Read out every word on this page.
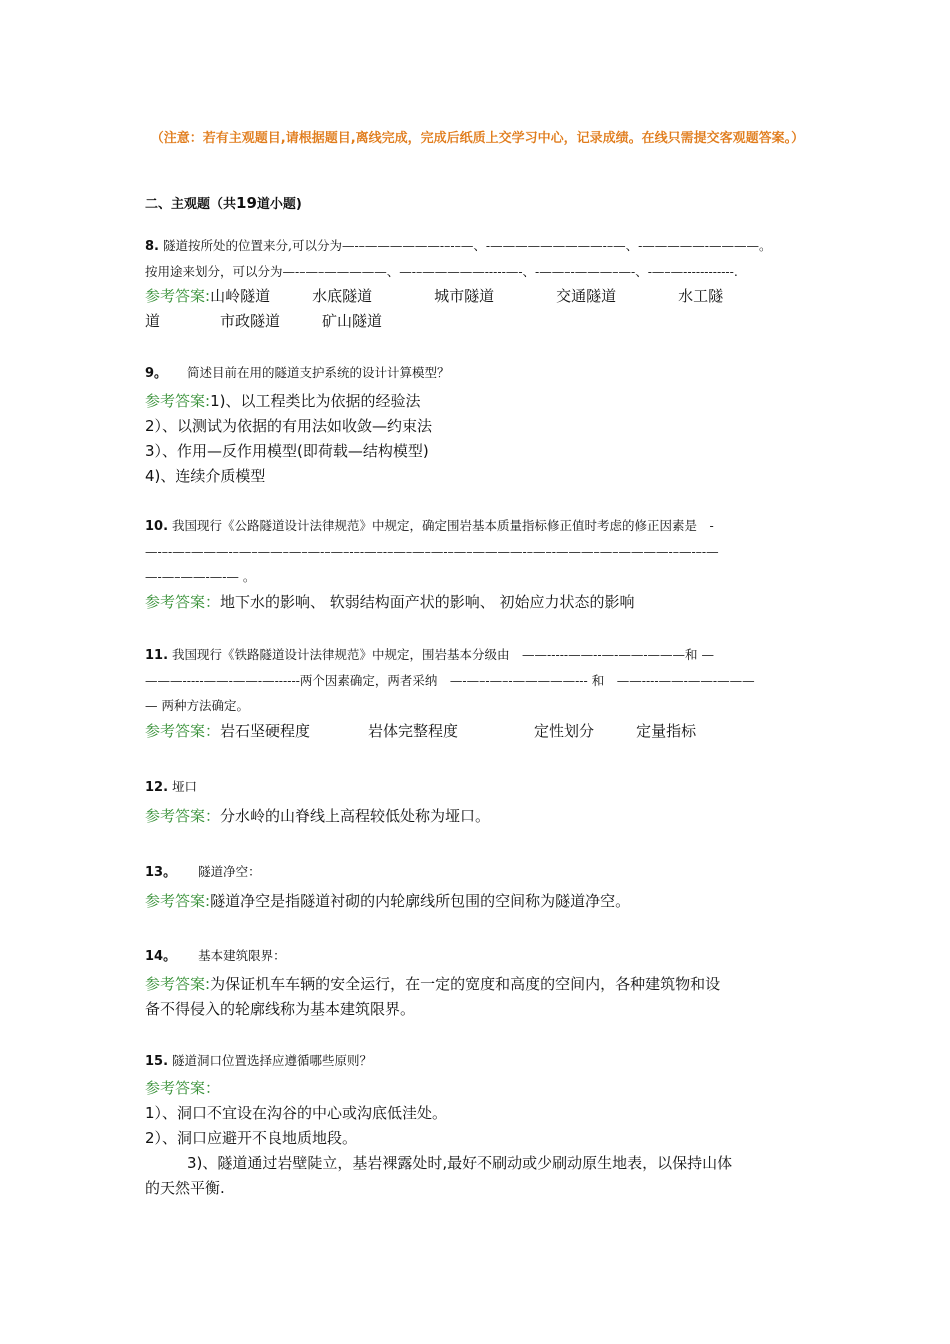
（注意：若有主观题目,请根据题目,离线完成，完成后纸质上交学习中心，记录成绩。在线只需提交客观题答案。）
二、主观题（共19道小题)
8. 隧道按所处的位置来分,可以分为—-–——————-–-–—、-—————————-–—、-—————-————。
按用途来划分，可以分为—-–—–—————、—-–—————-----—-、-——–-———–—-、-—–—------------.
参考答案:山岭隧道	水底隧道	城市隧道	交通隧道	水工隧
道	市政隧道	矿山隧道
9。 简述目前在用的隧道支护系统的设计计算模型？
参考答案:1)、以工程类比为依据的经验法
2）、以测试为依据的有用法如收敛—约束法
3）、作用—反作用模型(即荷载—结构模型)
4)、连续介质模型
10. 我国现行《公路隧道设计法律规范》中规定，确定围岩基本质量指标修正值时考虑的修正因素是　-
—-–-—–———-–—–——–—–—-–—–-–-—–-–—–—–—-–—–————-–—–-———–—–————-–—-–-—
—-—–——-—-— 。
参考答案：地下水的影响、 软弱结构面产状的影响、 初始应力状态的影响
11. 我国现行《铁路隧道设计法律规范》中规定，围岩基本分级由　——-----——--—-——-———和 —
———-----——-——-—------两个因素确定，两者采纳　—-—–-—–-—————--- 和　——----——-——-———
— 两种方法确定。
参考答案：岩石坚硬程度	岩体完整程度	定性划分	定量指标
12. 垭口
参考答案：分水岭的山脊线上高程较低处称为垭口。
13。 隧道净空：
参考答案:隧道净空是指隧道衬砌的内轮廓线所包围的空间称为隧道净空。
14。 基本建筑限界：
参考答案:为保证机车车辆的安全运行，在一定的宽度和高度的空间内，各种建筑物和设
备不得侵入的轮廓线称为基本建筑限界。
15. 隧道洞口位置选择应遵循哪些原则？
参考答案：
1）、洞口不宜设在沟谷的中心或沟底低洼处。
2）、洞口应避开不良地质地段。
3)、隧道通过岩壁陡立，基岩裸露处时,最好不刷动或少刷动原生地表，以保持山体
的天然平衡.
